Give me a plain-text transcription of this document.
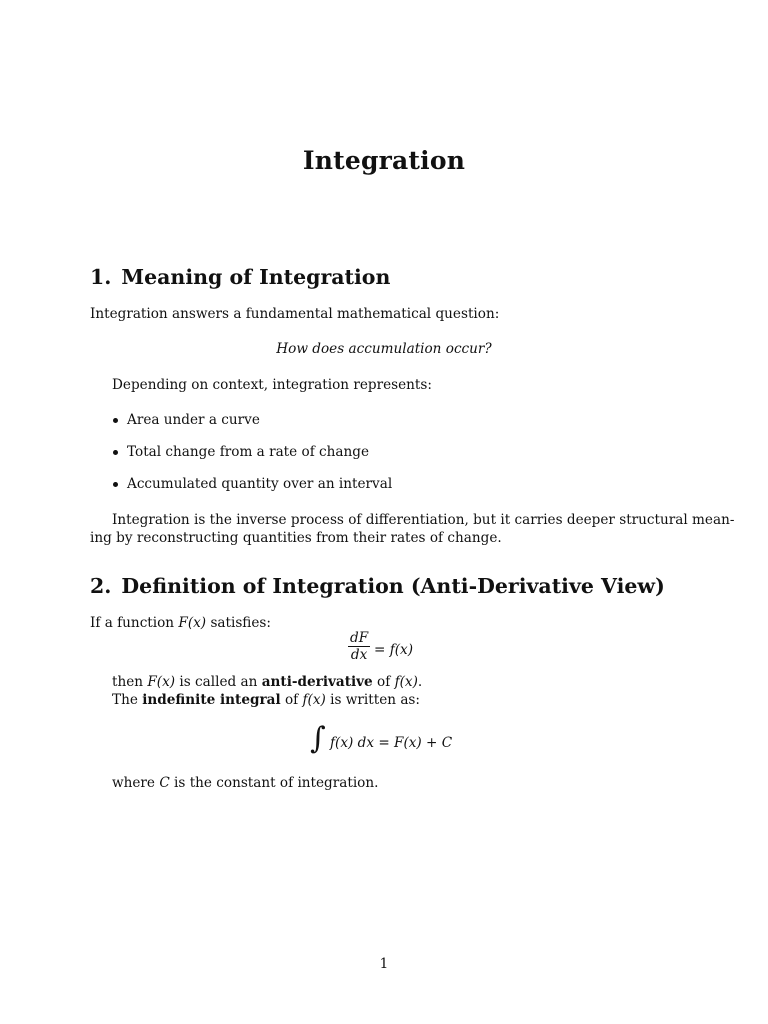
Integration
1. Meaning of Integration

Integration answers a fundamental mathematical question:

How does accumulation occur?

Depending on context, integration represents:

Area under a curve

Total change from a rate of change

Accumulated quantity over an interval

Integration is the inverse process of differentiation, but it carries deeper structural mean-

ing by reconstructing quantities from their rates of change.

2. Definition of Integration (Anti-Derivative View)

If a function F(x) satisfies:

dF
dx = f(x)

then F(x) is called an anti-derivative of f(x).

The indefinite integral of f(x) is written as:

∫ f(x) dx = F(x) + C

where C is the constant of integration.

1
